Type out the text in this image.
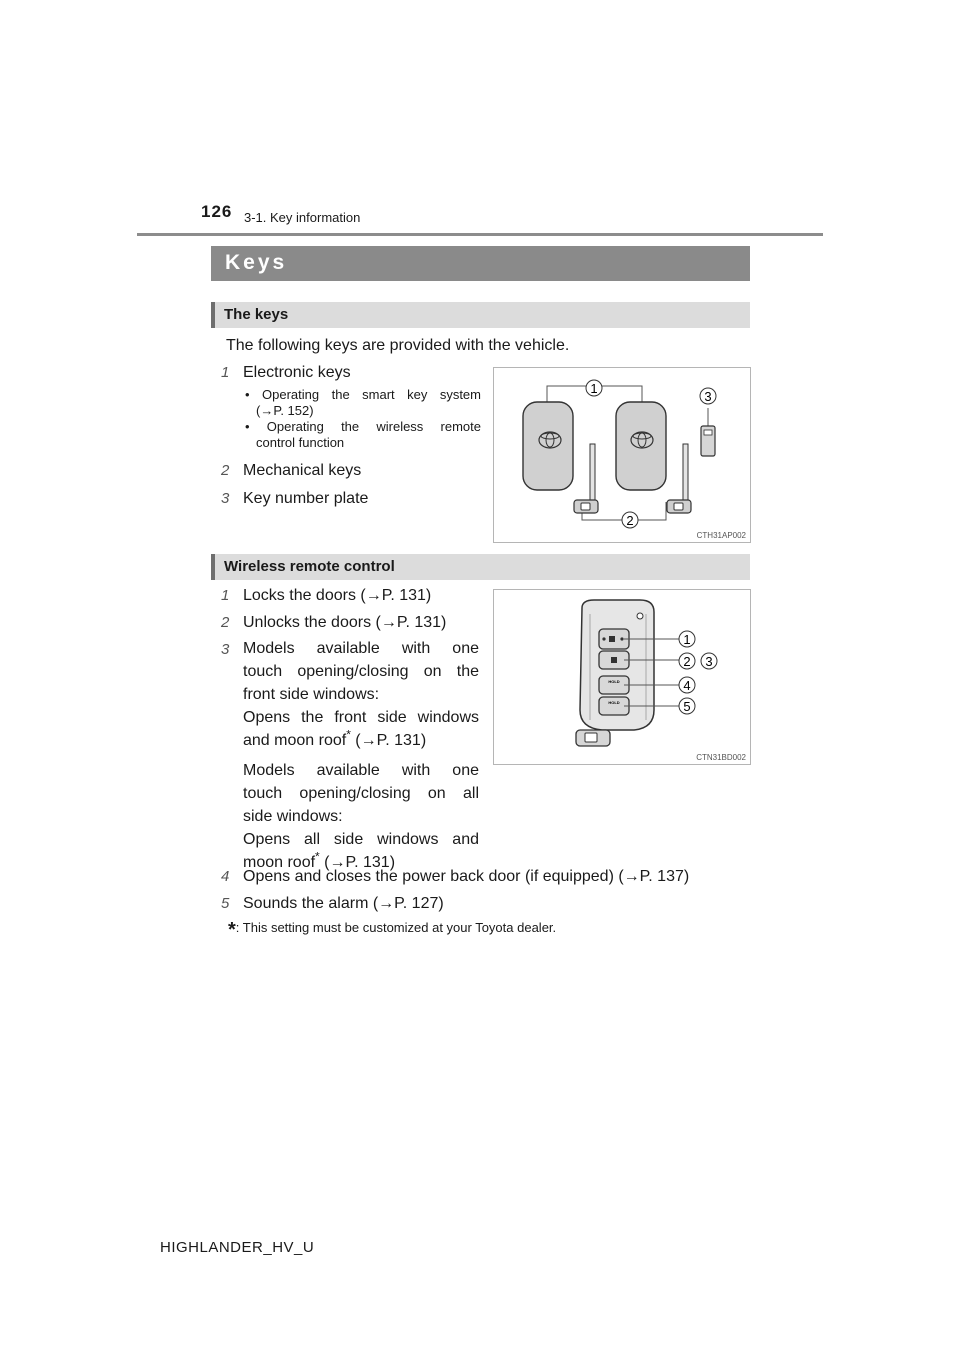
126 3-1. Key information
Keys
The keys
The following keys are provided with the vehicle.
1 Electronic keys
• Operating the smart key system
(→P. 152)
• Operating the wireless remote
control function
2 Mechanical keys
3 Key number plate
1
2
3
CTH31AP002
Wireless remote control
1 Locks the doors (→P. 131)
2 Unlocks the doors (→P. 131)
3 Models available with one
touch opening/closing on the
front side windows:
Opens the front side windows
and moon roof* (→P. 131)
Models available with one
touch opening/closing on all
side windows:
Opens all side windows and
moon roof* (→P. 131)
4 Opens and closes the power back door (if equipped) (→P. 137)
5 Sounds the alarm (→P. 127)
*: This setting must be customized at your Toyota dealer.
HOLD
HOLD
1
2 3
4
5
CTN31BD002
HIGHLANDER_HV_U
